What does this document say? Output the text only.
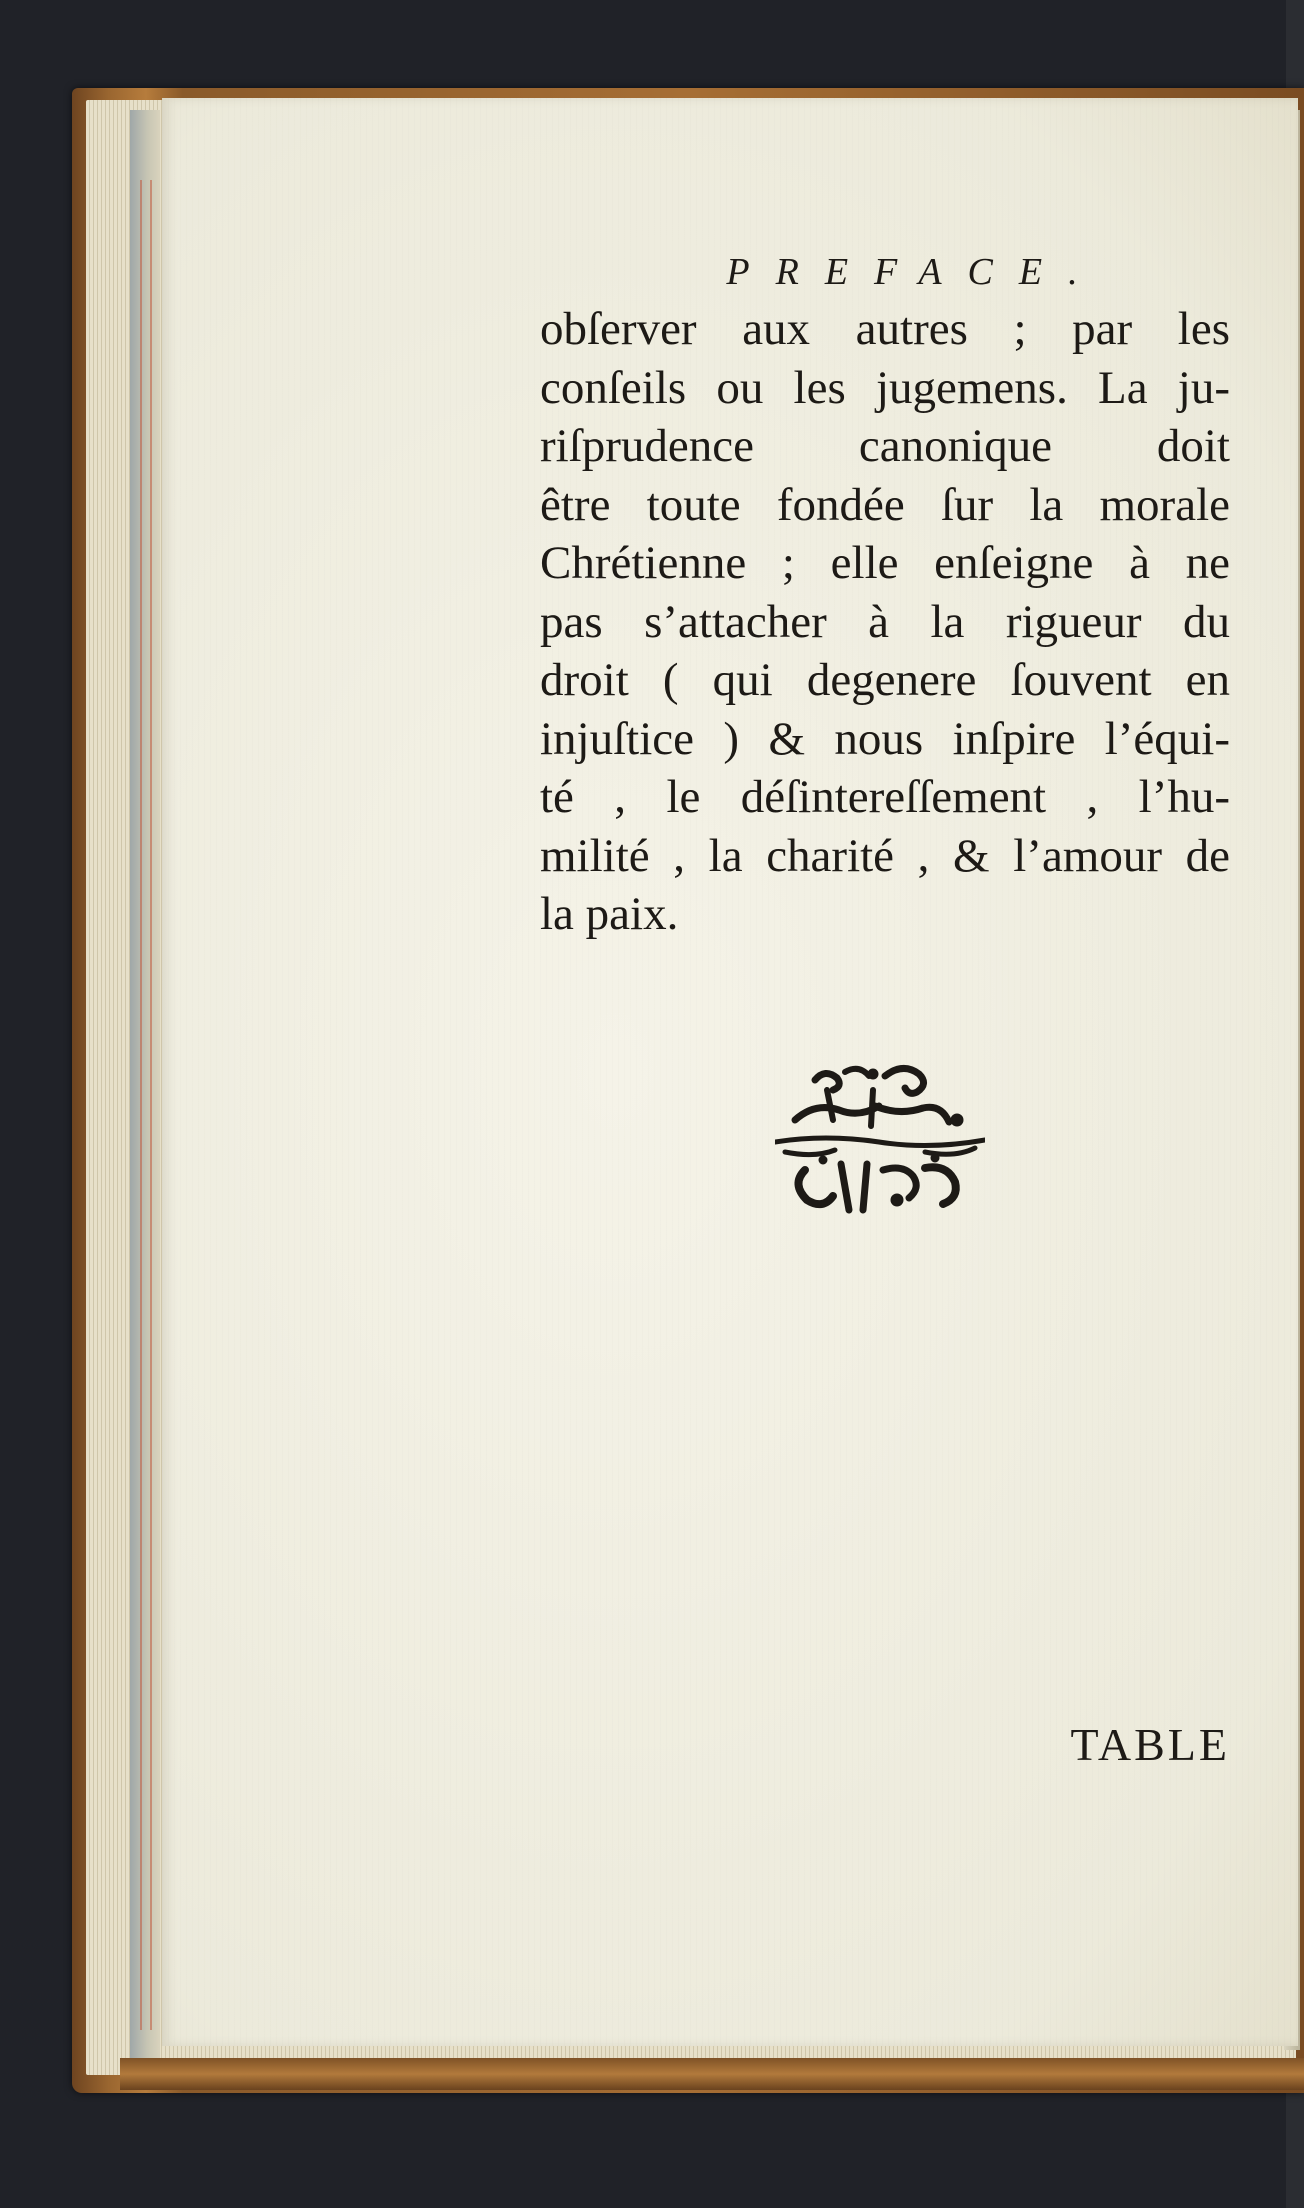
PREFACE.
obſerver aux autres ; par les
conſeils ou les jugemens. La ju-
riſprudence canonique doit
être toute fondée ſur la morale
Chrétienne ; elle enſeigne à ne
pas s’attacher à la rigueur du
droit ( qui degenere ſouvent en
injuſtice ) & nous inſpire l’équi-
té , le déſintereſſement , l’hu-
milité , la charité , & l’amour de
la paix.
TABLE
